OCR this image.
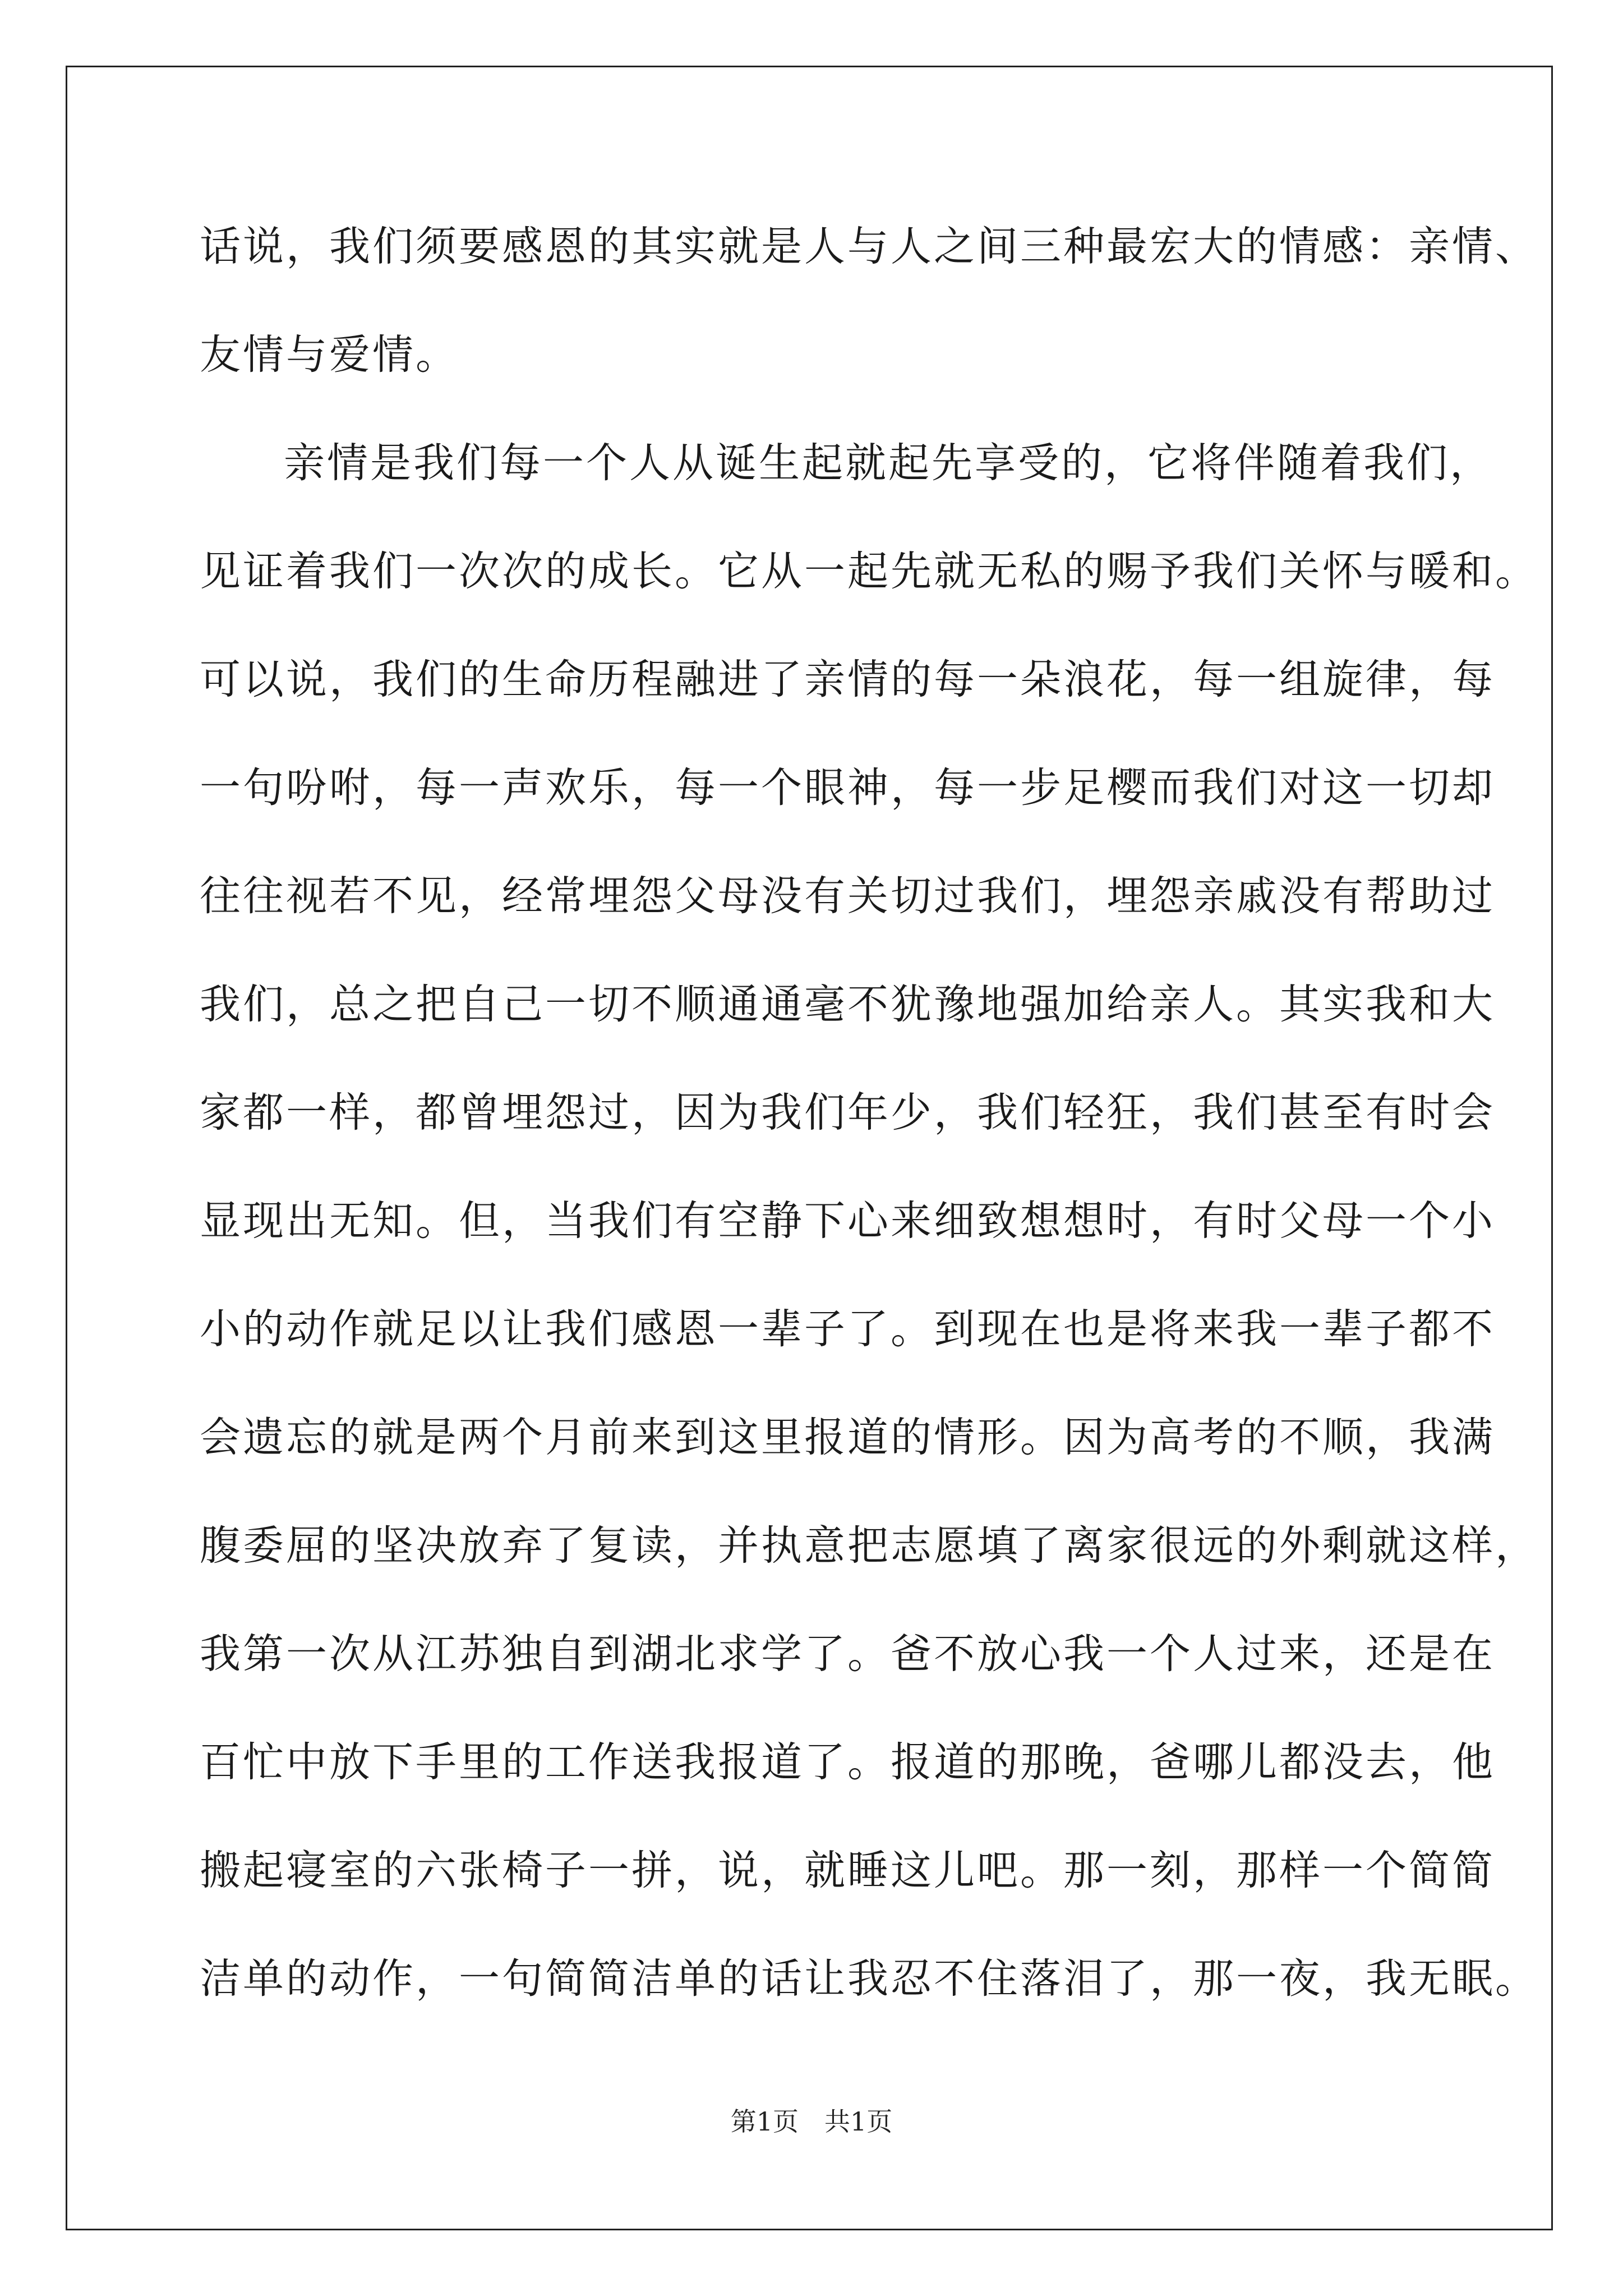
话说，我们须要感恩的其实就是人与人之间三种最宏大的情感：亲情、
友情与爱情。
亲情是我们每一个人从诞生起就起先享受的，它将伴随着我们，
见证着我们一次次的成长。它从一起先就无私的赐予我们关怀与暖和。
可以说，我们的生命历程融进了亲情的每一朵浪花，每一组旋律，每
一句吩咐，每一声欢乐，每一个眼神，每一步足樱而我们对这一切却
往往视若不见，经常埋怨父母没有关切过我们，埋怨亲戚没有帮助过
我们，总之把自己一切不顺通通毫不犹豫地强加给亲人。其实我和大
家都一样，都曾埋怨过，因为我们年少，我们轻狂，我们甚至有时会
显现出无知。但，当我们有空静下心来细致想想时，有时父母一个小
小的动作就足以让我们感恩一辈子了。到现在也是将来我一辈子都不
会遗忘的就是两个月前来到这里报道的情形。因为高考的不顺，我满
腹委屈的坚决放弃了复读，并执意把志愿填了离家很远的外剩就这样，
我第一次从江苏独自到湖北求学了。爸不放心我一个人过来，还是在
百忙中放下手里的工作送我报道了。报道的那晚，爸哪儿都没去，他
搬起寝室的六张椅子一拼，说，就睡这儿吧。那一刻，那样一个简简
洁单的动作，一句简简洁单的话让我忍不住落泪了，那一夜，我无眠。
第1页 共1页
